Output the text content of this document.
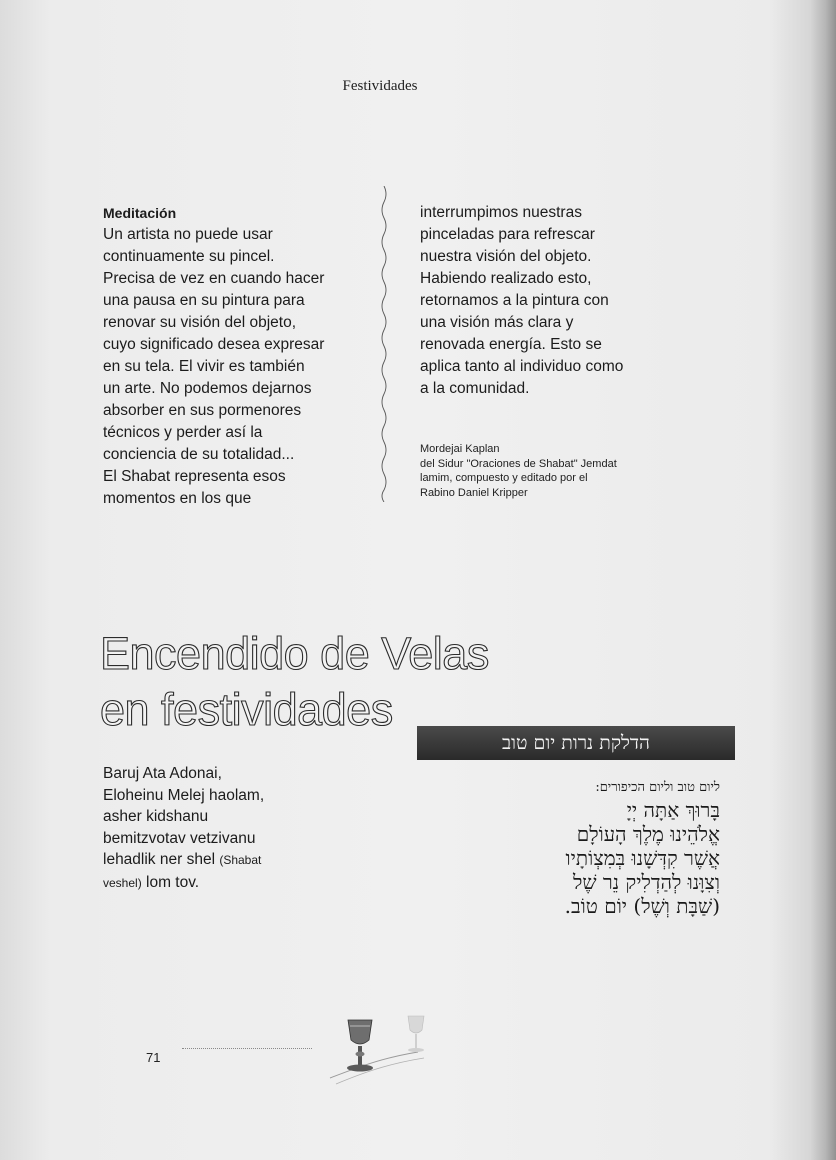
Festividades
Meditación
Un artista no puede usar
continuamente su pincel.
Precisa de vez en cuando hacer
una pausa en su pintura para
renovar su visión del objeto,
cuyo significado desea expresar
en su tela. El vivir es también
un arte. No podemos dejarnos
absorber en sus pormenores
técnicos y perder así la
conciencia de su totalidad...
El Shabat representa esos
momentos en los que
interrumpimos nuestras
pinceladas para refrescar
nuestra visión del objeto.
Habiendo realizado esto,
retornamos a la pintura con
una visión más clara y
renovada energía. Esto se
aplica tanto al individuo como
a la comunidad.
Mordejai Kaplan
del Sidur "Oraciones de Shabat" Jemdat
lamim, compuesto y editado por el
Rabino Daniel Kripper
Encendido de Velas
en festividades
הדלקת נרות יום טוב
Baruj Ata Adonai,
Eloheinu Melej haolam,
asher kidshanu
bemitzvotav vetzivanu
lehadlik ner shel (Shabat
veshel) lom tov.
ליום טוב וליום הכיפורים:
בָּרוּךְ אַתָּה יְיָ
אֱלֹהֵינוּ מֶלֶךְ הָעוֹלָם
אֲשֶׁר קִדְּשָׁנוּ בְּמִצְוֹתָיו
וְצִוָּנוּ לְהַדְלִיק נֵר שֶׁל
(שַׁבָּת וְשֶׁל) יוֹם טוֹב.
71
